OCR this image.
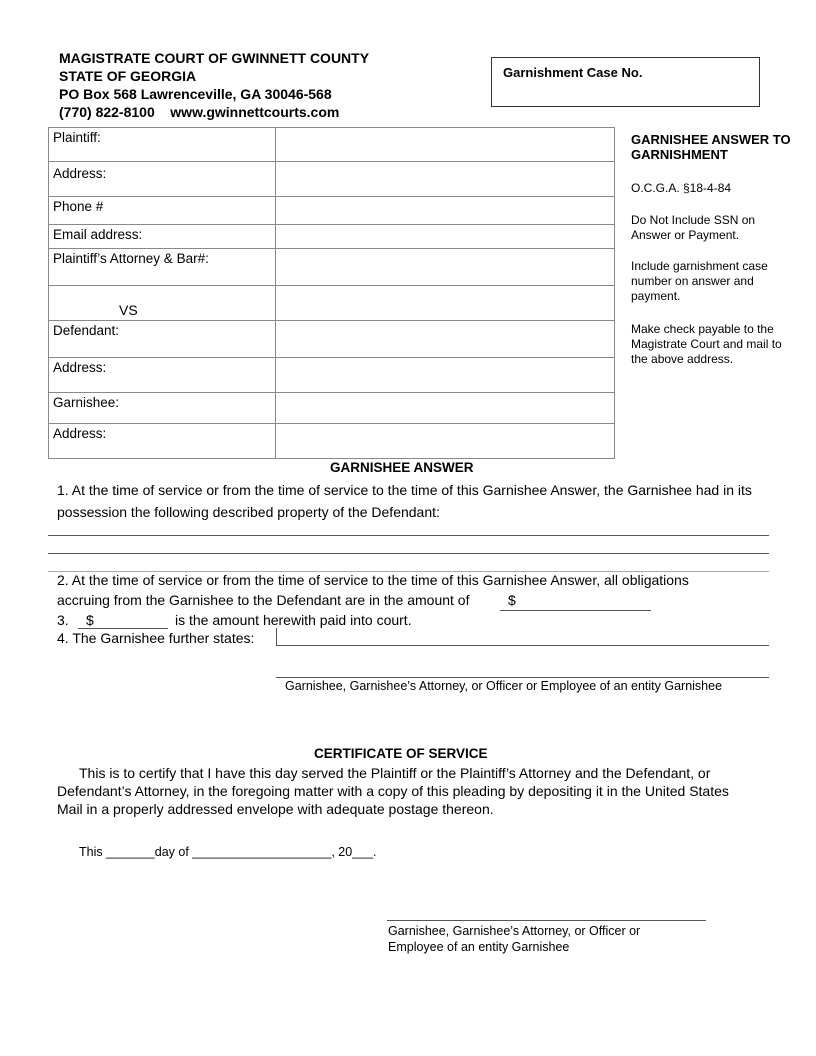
MAGISTRATE COURT OF GWINNETT COUNTY
STATE OF GEORGIA
PO Box 568 Lawrenceville, GA 30046-568
(770) 822-8100    www.gwinnettcourts.com
Garnishment Case No.
Plaintiff:	
Address:	
Phone #	
Email address:	
Plaintiff’s Attorney & Bar#:	
VS	
Defendant:	
Address:	
Garnishee:	
Address:	
GARNISHEE ANSWER TO GARNISHMENT
O.C.G.A. §18-4-84
Do Not Include SSN on Answer or Payment.
Include garnishment case number on answer and payment.
Make check payable to the Magistrate Court and mail to the above address.
GARNISHEE ANSWER
1. At the time of service or from the time of service to the time of this Garnishee Answer, the Garnishee had in its possession the following described property of the Defendant:
2. At the time of service or from the time of service to the time of this Garnishee Answer, all obligations
accruing from the Garnishee to the Defendant are in the amount of	$
3. $	is the amount herewith paid into court.
4. The Garnishee further states:
Garnishee, Garnishee’s Attorney, or Officer or Employee of an entity Garnishee
CERTIFICATE OF SERVICE
This is to certify that I have this day served the Plaintiff or the Plaintiff’s Attorney and the Defendant, or Defendant’s Attorney, in the foregoing matter with a copy of this pleading by depositing it in the United States Mail in a properly addressed envelope with adequate postage thereon.
This _______day of ____________________, 20___.
Garnishee, Garnishee’s Attorney, or Officer or Employee of an entity Garnishee
